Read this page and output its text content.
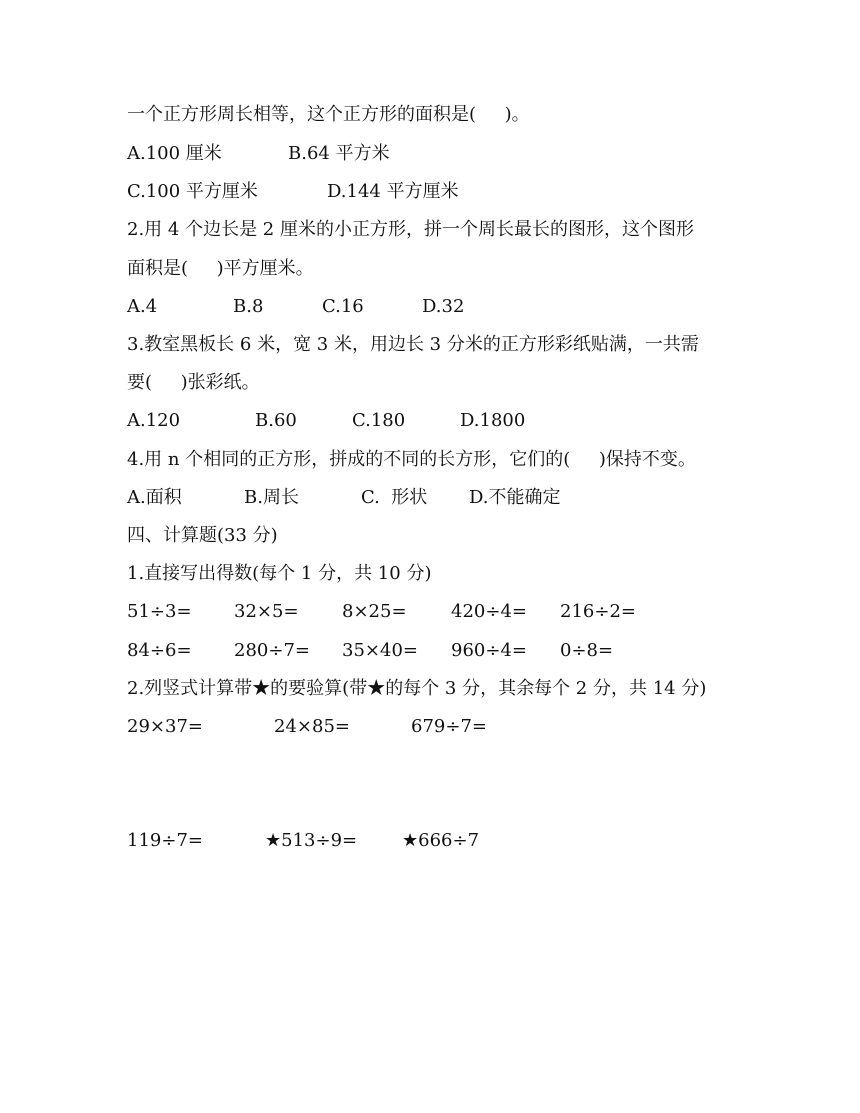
一个正方形周长相等，这个正方形的面积是(     )。
A.100 厘米	B.64 平方米
C.100 平方厘米	D.144 平方厘米
2.用 4 个边长是 2 厘米的小正方形，拼一个周长最长的图形，这个图形
面积是(     )平方厘米。
A.4	B.8	C.16	D.32
3.教室黑板长 6 米，宽 3 米，用边长 3 分米的正方形彩纸贴满，一共需
要(     )张彩纸。
A.120	B.60	C.180	D.1800
4.用 n 个相同的正方形，拼成的不同的长方形，它们的(     )保持不变。
A.面积	B.周长	C.  形状 D.不能确定
四、计算题(33 分)
1.直接写出得数(每个 1 分，共 10 分)
51÷3= 32×5= 8×25= 420÷4= 216÷2=
84÷6= 280÷7= 35×40= 960÷4= 0÷8=
2.列竖式计算带★的要验算(带★的每个 3 分，其余每个 2 分，共 14 分)
29×37=	24×85=	679÷7=
119÷7=	★513÷9= ★666÷7
